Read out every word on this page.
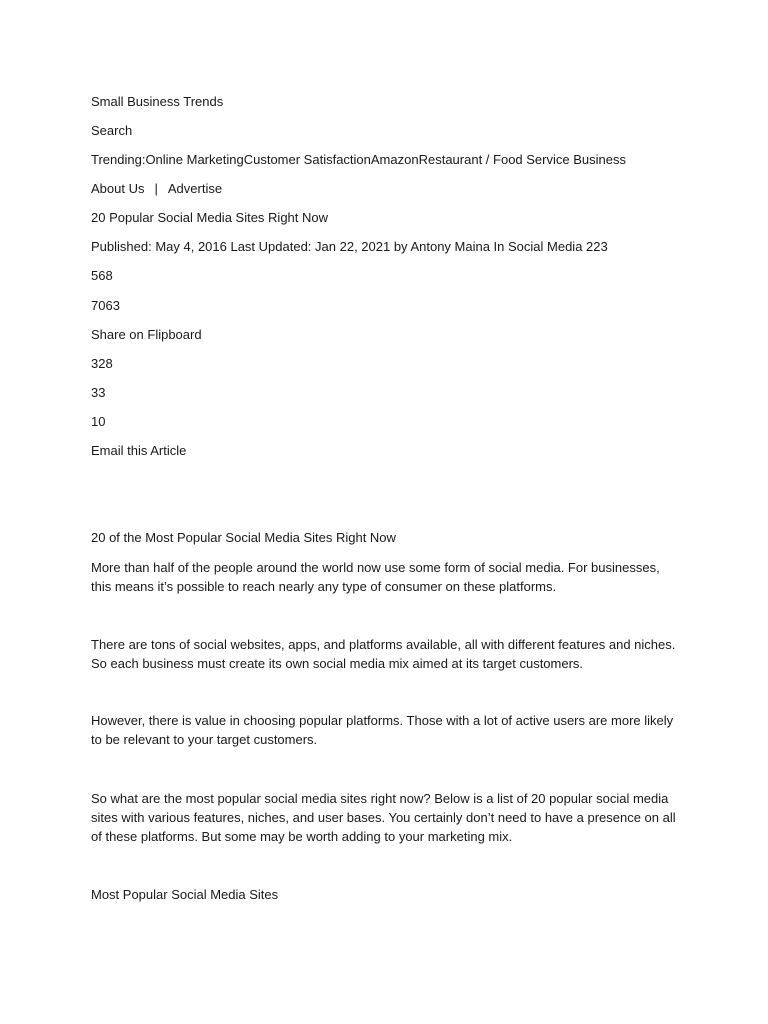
Small Business Trends
Search
Trending:Online MarketingCustomer SatisfactionAmazonRestaurant / Food Service Business
About Us | Advertise
20 Popular Social Media Sites Right Now
Published: May 4, 2016 Last Updated: Jan 22, 2021 by Antony Maina In Social Media 223
568
7063
Share on Flipboard
328
33
10
Email this Article
20 of the Most Popular Social Media Sites Right Now
More than half of the people around the world now use some form of social media. For businesses, this means it’s possible to reach nearly any type of consumer on these platforms.
There are tons of social websites, apps, and platforms available, all with different features and niches. So each business must create its own social media mix aimed at its target customers.
However, there is value in choosing popular platforms. Those with a lot of active users are more likely to be relevant to your target customers.
So what are the most popular social media sites right now? Below is a list of 20 popular social media sites with various features, niches, and user bases. You certainly don’t need to have a presence on all of these platforms. But some may be worth adding to your marketing mix.
Most Popular Social Media Sites
